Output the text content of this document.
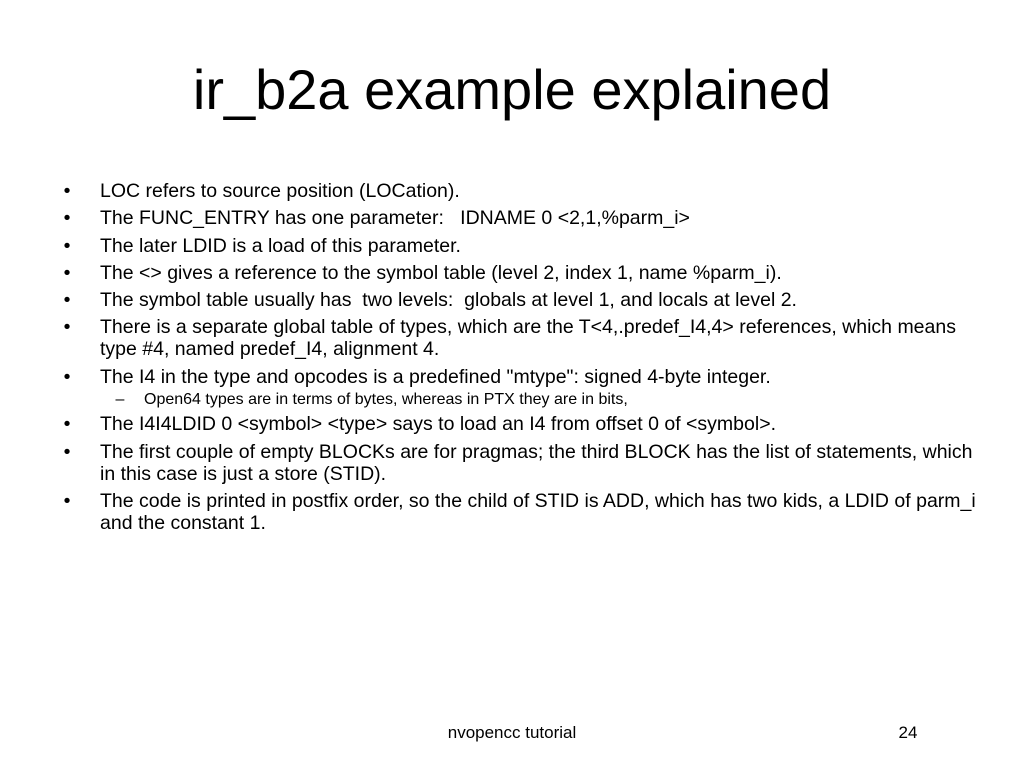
ir_b2a example explained
• LOC refers to source position (LOCation).
• The FUNC_ENTRY has one parameter:   IDNAME 0 <2,1,%parm_i>
• The later LDID is a load of this parameter.
• The <> gives a reference to the symbol table (level 2, index 1, name %parm_i).
• The symbol table usually has  two levels:  globals at level 1, and locals at level 2.
• There is a separate global table of types, which are the T<4,.predef_I4,4> references, which means type #4, named predef_I4, alignment 4.
• The I4 in the type and opcodes is a predefined "mtype": signed 4-byte integer.
– Open64 types are in terms of bytes, whereas in PTX they are in bits,
• The I4I4LDID 0 <symbol> <type> says to load an I4 from offset 0 of <symbol>.
• The first couple of empty BLOCKs are for pragmas; the third BLOCK has the list of statements, which in this case is just a store (STID).
• The code is printed in postfix order, so the child of STID is ADD, which has two kids, a LDID of parm_i and the constant 1.
nvopencc tutorial	24
